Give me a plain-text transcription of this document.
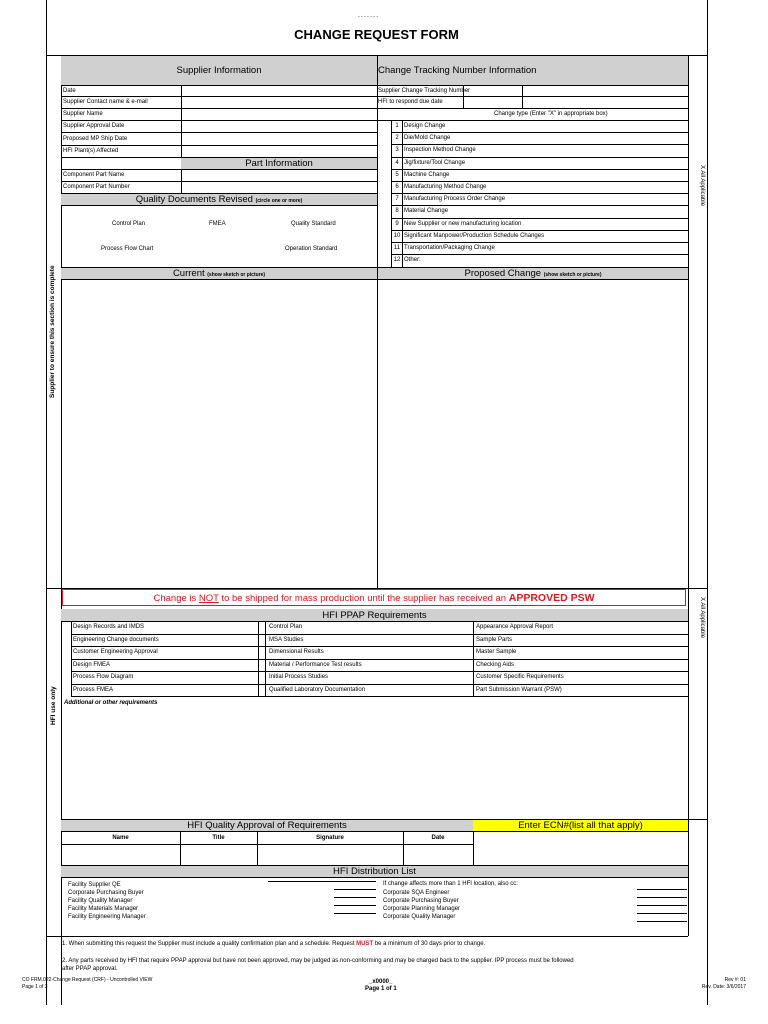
- - - - - - -
CHANGE REQUEST FORM
Supplier to ensure this section is complete
HFI use only
X All Applicable
X All Applicable
Supplier Information
Date
Supplier Contact name & e-mail
Supplier Name
Supplier Approval Date
Proposed MP Ship Date
HFI Plant(s) Affected
Part Information
Component Part Name
Component Part Number
Quality Documents Revised (circle one or more)
Control Plan	FMEA	Quality Standard
Process Flow Chart	Operation Standard
Change Tracking Number Information
Supplier Change Tracking Number
HFI to respond due date
Change type (Enter "X" in appropriate box)
1 Design Change
2 Die/Mold Change
3 Inspection Method Change
4 Jig/fixture/Tool Change
5 Machine Change
6 Manufacturing Method Change
7 Manufacturing Process Order Change
8 Material Change
9 New Supplier or new manufacturing location
10 Significant Manpower/Production Schedule Changes
11 Transportation/Packaging Change
12 Other:
Current (show sketch or picture)	Proposed Change (show sketch or picture)
Change is NOT to be shipped for mass production until the supplier has received an APPROVED PSW
HFI PPAP Requirements
Design Records and IMDS	Control Plan	Appearance Approval Report
Engineering Change documents	MSA Studies	Sample Parts
Customer Engineering Approval	Dimensional Results	Master Sample
Design FMEA	Material / Performance Test results	Checking Aids
Process Flow Diagram	Initial Process Studies	Customer Specific Requirements
Process FMEA	Qualified Laboratory Documentation	Part Submission Warrant (PSW)
Additional or other requirements
HFI Quality Approval of Requirements	Enter ECN#(list all that apply)
Name	Title	Signature	Date
HFI Distribution List
Facility Supplier QE
Corporate Purchasing Buyer
Facility Quality Manager
Facility Materials Manager
Facility Engineering Manager
If change affects more than 1 HFI location, also cc:
Corporate SQA Engineer
Corporate Purchasing Buyer
Corporate Planning Manager
Corporate Quality Manager
1. When submitting this request the Supplier must include a quality confirmation plan and a schedule. Request MUST be a minimum of 30 days prior to change.
2. Any parts received by HFI that require PPAP approval but have not been approved, may be judged as non-conforming and may be charged back to the supplier. IPP process must be followed
after PPAP approval.
CO FRM.022-Change Request (CRF) - Uncontrolled VIEW
Page 1 of 3
_x0000_
Page 1 of 1
Rev #: 01
Rev. Date: 3/6/2017
